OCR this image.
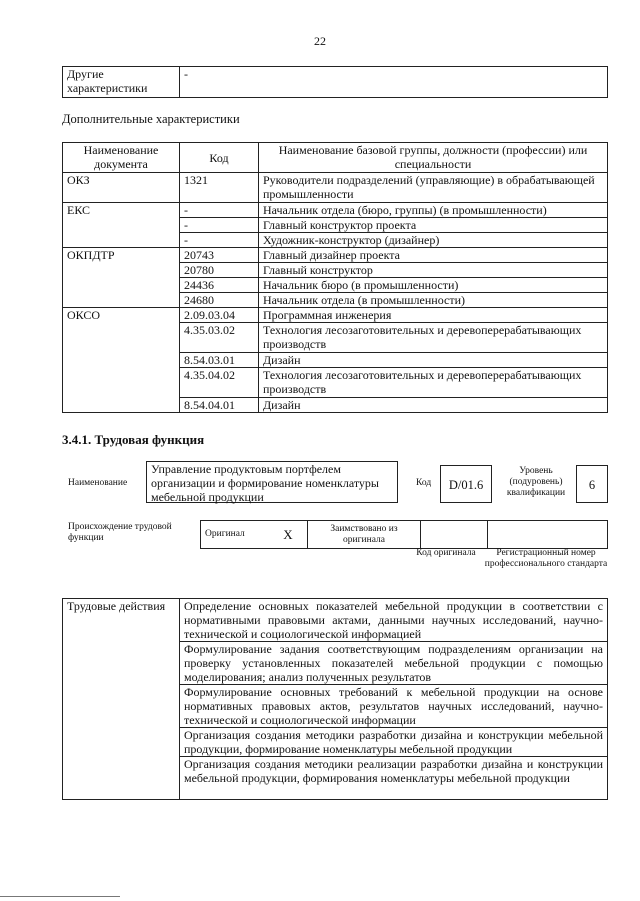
22
Другие характеристики	-
Дополнительные характеристики
Наименование документа	Код	Наименование базовой группы, должности (профессии) или специальности
ОКЗ	1321	Руководители подразделений (управляющие) в обрабатывающей промышленности
ЕКС	-	Начальник отдела (бюро, группы) (в промышленности)
	-	Главный конструктор проекта
	-	Художник-конструктор (дизайнер)
ОКПДТР	20743	Главный дизайнер проекта
	20780	Главный конструктор
	24436	Начальник бюро (в промышленности)
	24680	Начальник отдела (в промышленности)
ОКСО	2.09.03.04	Программная инженерия
	4.35.03.02	Технология лесозаготовительных и деревоперерабатывающих производств
	8.54.03.01	Дизайн
	4.35.04.02	Технология лесозаготовительных и деревоперерабатывающих производств
	8.54.04.01	Дизайн
3.4.1. Трудовая функция
Наименование
Управление продуктовым портфелем организации и формирование номенклатуры мебельной продукции
Код	D/01.6
Уровень (подуровень) квалификации
6
Происхождение трудовой функции	Оригинал	X	Заимствовано из оригинала		
Код оригинала	Регистрационный номер профессионального стандарта
Трудовые действия	Определение основных показателей мебельной продукции в соответствии с нормативными правовыми актами, данными научных исследований, научно-технической и социологической информацией
Формулирование задания соответствующим подразделениям организации на проверку установленных показателей мебельной продукции с помощью моделирования; анализ полученных результатов
Формулирование основных требований к мебельной продукции на основе нормативных правовых актов, результатов научных исследований, научно-технической и социологической информации
Организация создания методики разработки дизайна и конструкции мебельной продукции, формирование номенклатуры мебельной продукции
Организация создания методики реализации разработки дизайна и конструкции мебельной продукции, формирования номенклатуры мебельной продукции
